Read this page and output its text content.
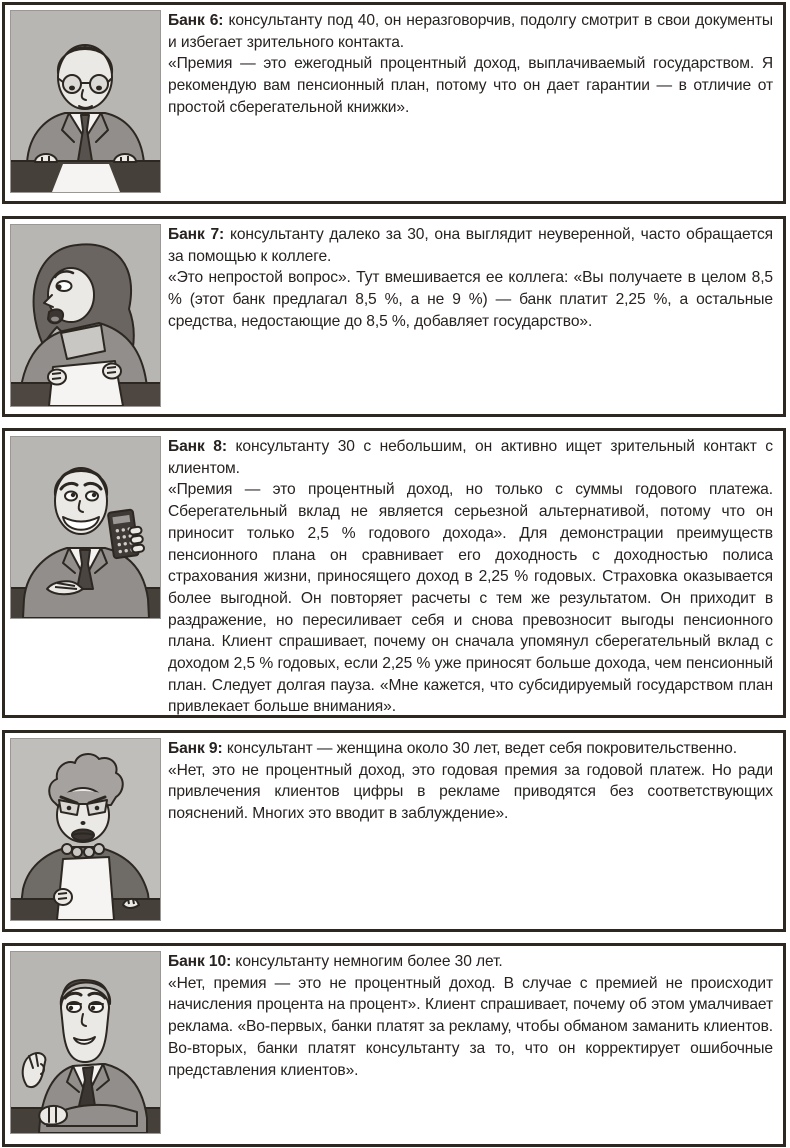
Банк 6: консультанту под 40, он неразговорчив, подолгу смотрит в свои документы и избегает зрительного контакта.

«Премия — это ежегодный процентный доход, выплачиваемый государством. Я рекомендую вам пенсионный план, потому что он дает гарантии — в отличие от простой сберегательной книжки».

Банк 7: консультанту далеко за 30, она выглядит неуверенной, часто обращается за помощью к коллеге.

«Это непростой вопрос». Тут вмешивается ее коллега: «Вы получаете в целом 8,5 % (этот банк предлагал 8,5 %, а не 9 %) — банк платит 2,25 %, а остальные средства, недостающие до 8,5 %, добавляет государство».

Банк 8: консультанту 30 с небольшим, он активно ищет зрительный контакт с клиентом.

«Премия — это процентный доход, но только с суммы годового платежа. Сберегательный вклад не является серьезной альтернативой, потому что он приносит только 2,5 % годового дохода». Для демонстрации преимуществ пенсионного плана он сравнивает его доходность с доходностью полиса страхования жизни, приносящего доход в 2,25 % годовых. Страховка оказывается более выгодной. Он повторяет расчеты с тем же результатом. Он приходит в раздражение, но пересиливает себя и снова превозносит выгоды пенсионного плана. Клиент спрашивает, почему он сначала упомянул сберегательный вклад с доходом 2,5 % годовых, если 2,25 % уже приносят больше дохода, чем пенсионный план. Следует долгая пауза. «Мне кажется, что субсидируемый государством план привлекает больше внимания».

Банк 9: консультант — женщина около 30 лет, ведет себя покровительственно.

«Нет, это не процентный доход, это годовая премия за годовой платеж. Но ради привлечения клиентов цифры в рекламе приводятся без соответствующих пояснений. Многих это вводит в заблуждение».

Банк 10: консультанту немногим более 30 лет.

«Нет, премия — это не процентный доход. В случае с премией не происходит начисления процента на процент». Клиент спрашивает, почему об этом умалчивает реклама. «Во-первых, банки платят за рекламу, чтобы обманом заманить клиентов. Во-вторых, банки платят консультанту за то, что он корректирует ошибочные представления клиентов».
